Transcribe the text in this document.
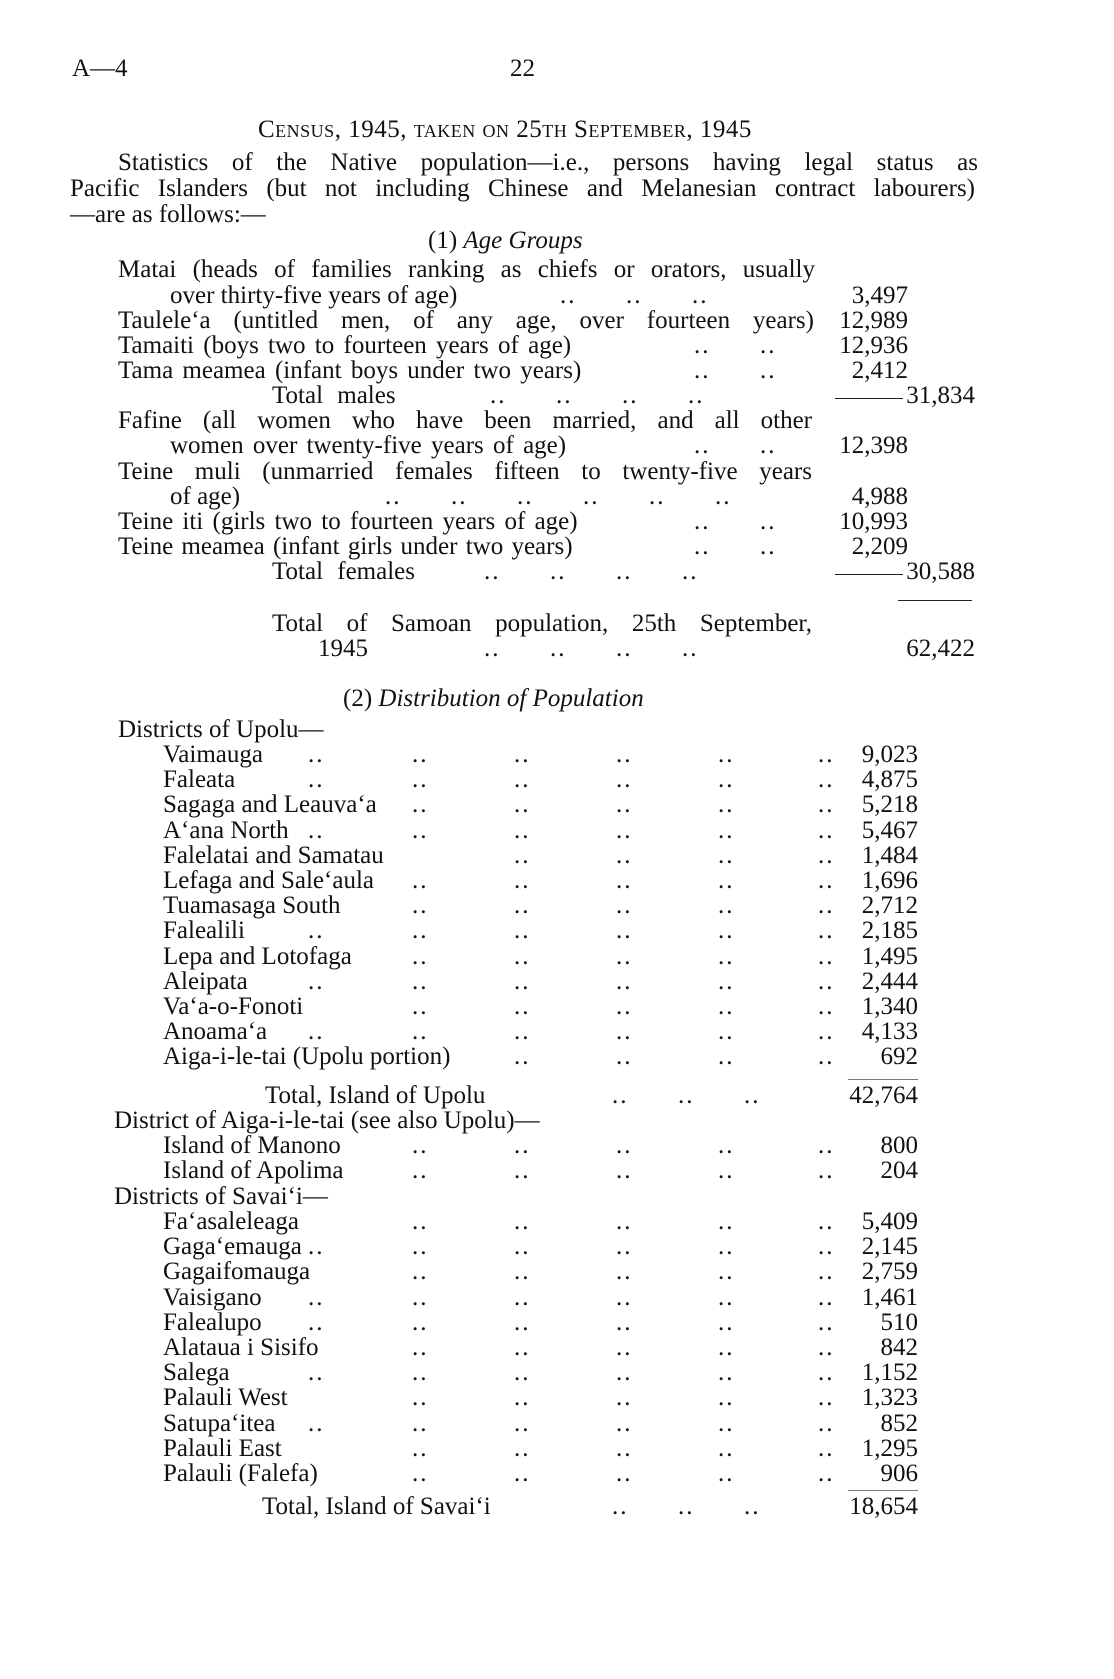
A—4	22
Census, 1945, taken on 25th September, 1945
Statistics of the Native population—i.e., persons having legal status as
Pacific Islanders (but not including Chinese and Melanesian contract labourers)
—are as follows:—
(1) Age Groups
Matai (heads of families ranking as chiefs or orators, usually
over thirty-five years of age)	..      ..      ..	3,497
Taulele‘a (untitled men, of any age, over fourteen years)	12,989
Tamaiti (boys two to fourteen years of age)	..      ..	12,936
Tama meamea (infant boys under two years)	..      ..	2,412
Total males	..      ..      ..      ..	31,834
Fafine (all women who have been married, and all other
women over twenty-five years of age)	..      ..	12,398
Teine muli (unmarried females fifteen to twenty-five years
of age)	..      ..      ..      ..      ..      ..	4,988
Teine iti (girls two to fourteen years of age)	..      ..	10,993
Teine meamea (infant girls under two years)	..      ..	2,209
Total females	..      ..      ..      ..	30,588
Total of Samoan population, 25th September,
1945	..      ..      ..      ..	62,422
(2) Distribution of Population
Districts of Upolu—
Vaimauga ..	..	..	..	..	..	9,023
Faleata	..	..	..	..	..	..	4,875
Sagaga and Leauva‘a ..	..	..	..	..	5,218
A‘ana North ..	..	..	..	..	..	5,467
Falelatai and Samatau	..	..	..	..	1,484
Lefaga and Sale‘aula ..	..	..	..	..	1,696
Tuamasaga South	..	..	..	..	..	2,712
Falealili	..	..	..	..	..	..	2,185
Lepa and Lotofaga ..	..	..	..	..	1,495
Aleipata ..	..	..	..	..	..	2,444
Va‘a-o-Fonoti	..	..	..	..	..	1,340
Anoama‘a ..	..	..	..	..	..	4,133
Aiga-i-le-tai (Upolu portion)	..	..	..	..	692
Total, Island of Upolu	..      ..      ..	42,764
District of Aiga-i-le-tai (see also Upolu)—
Island of Manono	..	..	..	..	..	800
Island of Apolima	..	..	..	..	..	204
Districts of Savai‘i—
Fa‘asaleleaga	..	..	..	..	..	5,409
Gaga‘emauga ..	..	..	..	..	..	2,145
Gagaifomauga	..	..	..	..	..	2,759
Vaisigano ..	..	..	..	..	..	1,461
Falealupo ..	..	..	..	..	..	510
Alataua i Sisifo	..	..	..	..	..	842
Salega	..	..	..	..	..	..	1,152
Palauli West	..	..	..	..	..	1,323
Satupa‘itea ..	..	..	..	..	..	852
Palauli East	..	..	..	..	..	1,295
Palauli (Falefa)	..	..	..	..	..	906
Total, Island of Savai‘i	..      ..      ..	18,654
